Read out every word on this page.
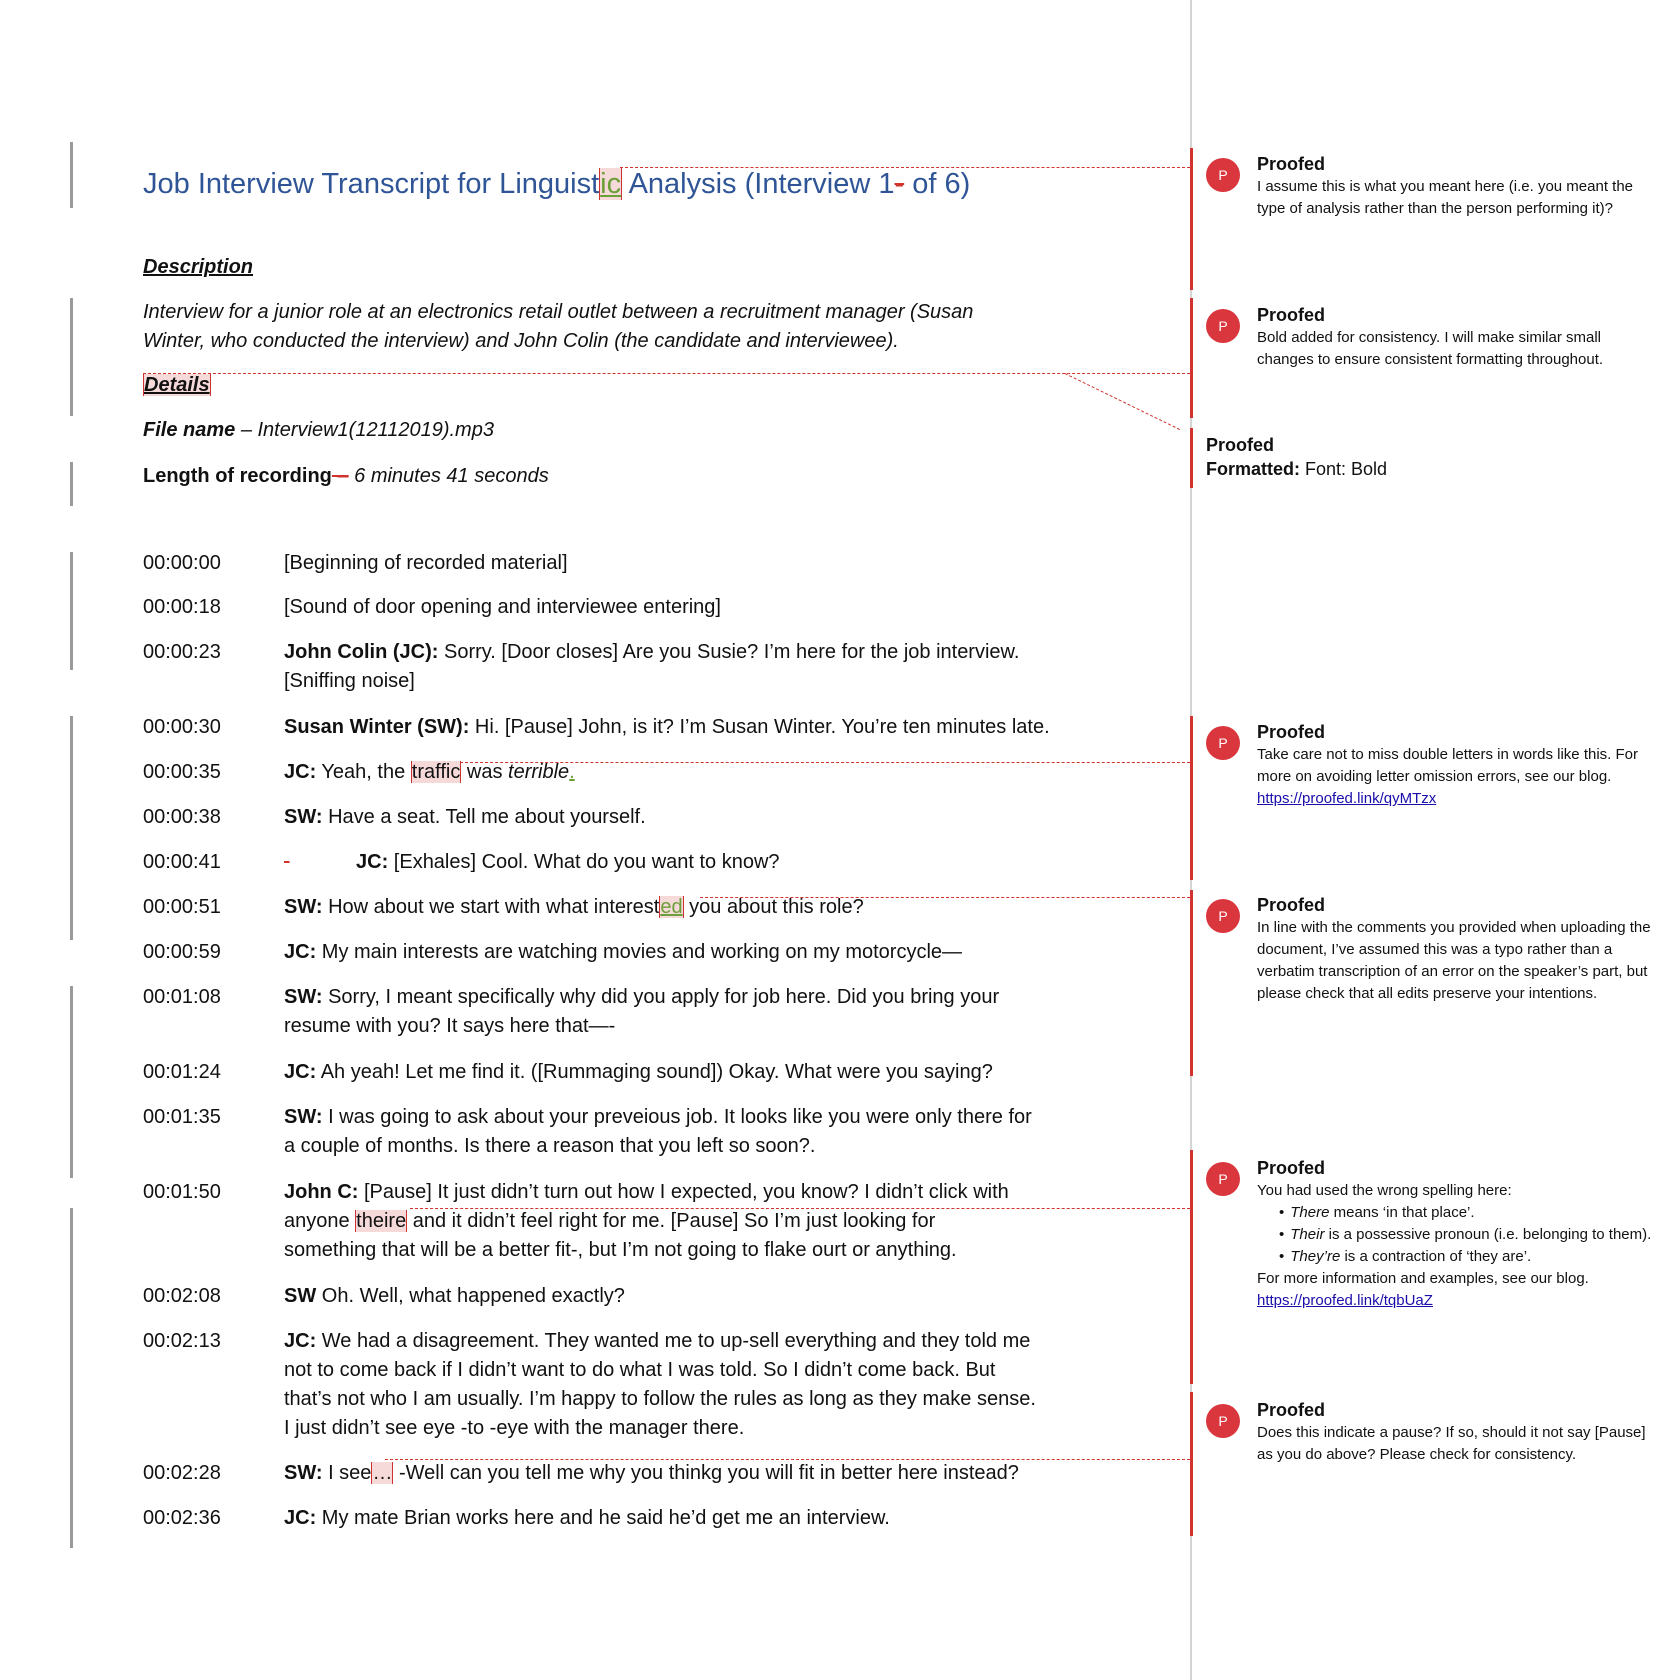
Job Interview Transcript for Linguistic Analysis (Interview 1- of 6)
Description
Interview for a junior role at an electronics retail outlet between a recruitment manager (Susan
Winter, who conducted the interview) and John Colin (the candidate and interviewee).
Details
File name – Interview1(12112019).mp3
Length of recording – 6 minutes 41 seconds
00:00:00	[Beginning of recorded material]
00:00:18	[Sound of door opening and interviewee entering]
00:00:23	John Colin (JC): Sorry. [Door closes] Are you Susie? I’m here for the job interview.
[Sniffing noise]
00:00:30	Susan Winter (SW): Hi. [Pause] John, is it? I’m Susan Winter. You’re ten minutes late.
00:00:35	JC: Yeah, the traffic was terrible.
00:00:38	SW: Have a seat. Tell me about yourself.
00:00:41	JC: [Exhales] Cool. What do you want to know?
00:00:51	SW: How about we start with what interested you about this role?
00:00:59	JC: My main interests are watching movies and working on my motorcycle—
00:01:08	SW: Sorry, I meant specifically why did you apply for job here. Did you bring your
resume with you? It says here that—-
00:01:24	JC: Ah yeah! Let me find it. ([Rummaging sound]) Okay. What were you saying?
00:01:35	SW: I was going to ask about your preveious job. It looks like you were only there for
a couple of months. Is there a reason that you left so soon?.
00:01:50	John C: [Pause] It just didn’t turn out how I expected, you know? I didn’t click with
anyone theire and it didn’t feel right for me. [Pause] So I’m just looking for
something that will be a better fit-, but I’m not going to flake ourt or anything.
00:02:08	SW Oh. Well, what happened exactly?
00:02:13	JC: We had a disagreement. They wanted me to up-sell everything and they told me
not to come back if I didn’t want to do what I was told. So I didn’t come back. But
that’s not who I am usually. I’m happy to follow the rules as long as they make sense.
I just didn’t see eye -to -eye with the manager there.
00:02:28	SW: I see… -Well can you tell me why you thinkg you will fit in better here instead?
00:02:36	JC: My mate Brian works here and he said he’d get me an interview.
P
Proofed
I assume this is what you meant here (i.e. you meant the type of analysis rather than the person performing it)?
P
Proofed
Bold added for consistency. I will make similar small changes to ensure consistent formatting throughout.
Proofed
Formatted: Font: Bold
P
Proofed
Take care not to miss double letters in words like this. For more on avoiding letter omission errors, see our blog.
https://proofed.link/qyMTzx
P
Proofed
In line with the comments you provided when uploading the document, I’ve assumed this was a typo rather than a verbatim transcription of an error on the speaker’s part, but please check that all edits preserve your intentions.
P
Proofed
You had used the wrong spelling here:
• There means ‘in that place’.
• Their is a possessive pronoun (i.e. belonging to them).
• They’re is a contraction of ‘they are’.
For more information and examples, see our blog.
https://proofed.link/tqbUaZ
P
Proofed
Does this indicate a pause? If so, should it not say [Pause] as you do above? Please check for consistency.
